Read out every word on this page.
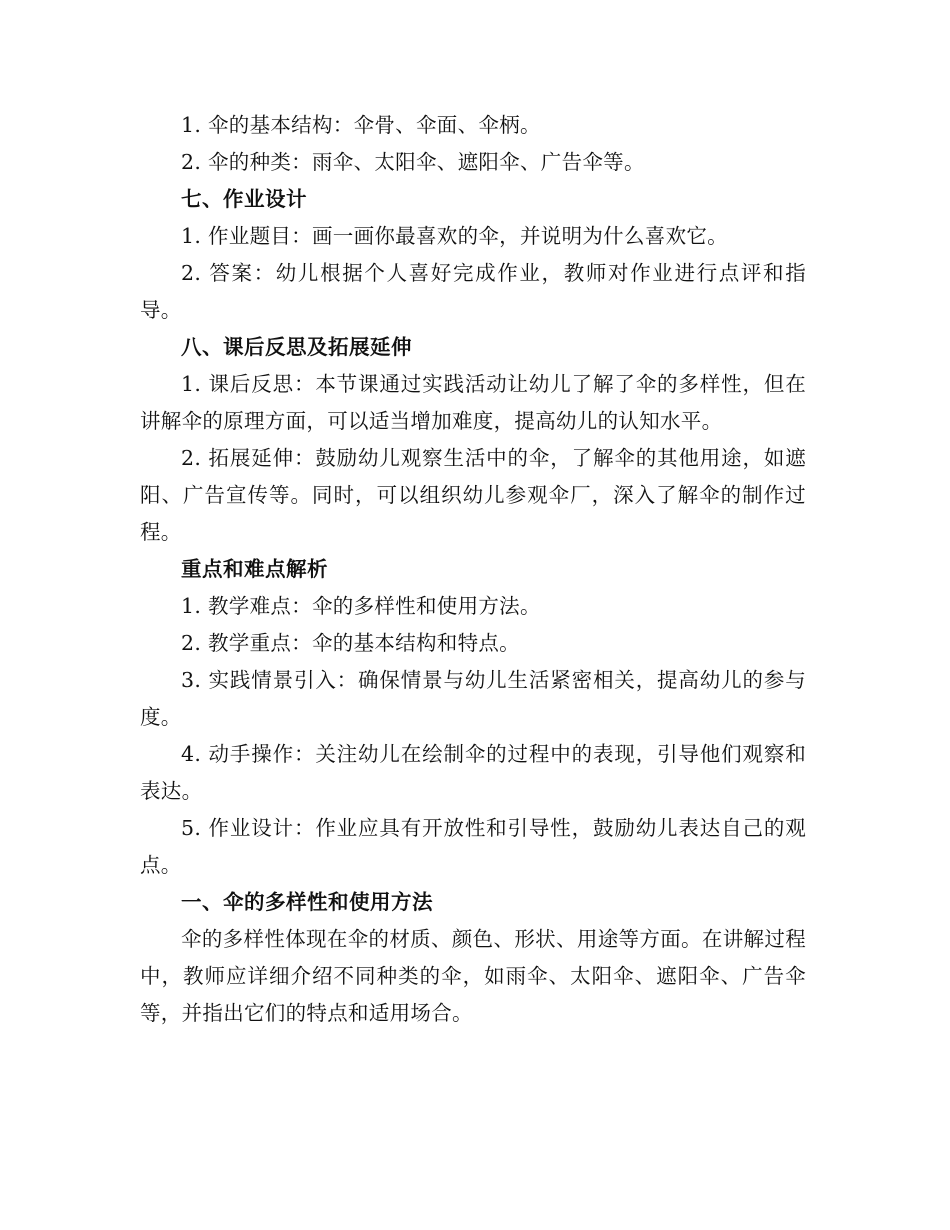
1. 伞的基本结构：伞骨、伞面、伞柄。

2. 伞的种类：雨伞、太阳伞、遮阳伞、广告伞等。

七、作业设计

1. 作业题目：画一画你最喜欢的伞，并说明为什么喜欢它。

2. 答案：幼儿根据个人喜好完成作业，教师对作业进行点评和指导。

八、课后反思及拓展延伸

1. 课后反思：本节课通过实践活动让幼儿了解了伞的多样性，但在讲解伞的原理方面，可以适当增加难度，提高幼儿的认知水平。

2. 拓展延伸：鼓励幼儿观察生活中的伞，了解伞的其他用途，如遮阳、广告宣传等。同时，可以组织幼儿参观伞厂，深入了解伞的制作过程。

重点和难点解析

1. 教学难点：伞的多样性和使用方法。

2. 教学重点：伞的基本结构和特点。

3. 实践情景引入：确保情景与幼儿生活紧密相关，提高幼儿的参与度。

4. 动手操作：关注幼儿在绘制伞的过程中的表现，引导他们观察和表达。

5. 作业设计：作业应具有开放性和引导性，鼓励幼儿表达自己的观点。

一、伞的多样性和使用方法

伞的多样性体现在伞的材质、颜色、形状、用途等方面。在讲解过程中，教师应详细介绍不同种类的伞，如雨伞、太阳伞、遮阳伞、广告伞等，并指出它们的特点和适用场合。
